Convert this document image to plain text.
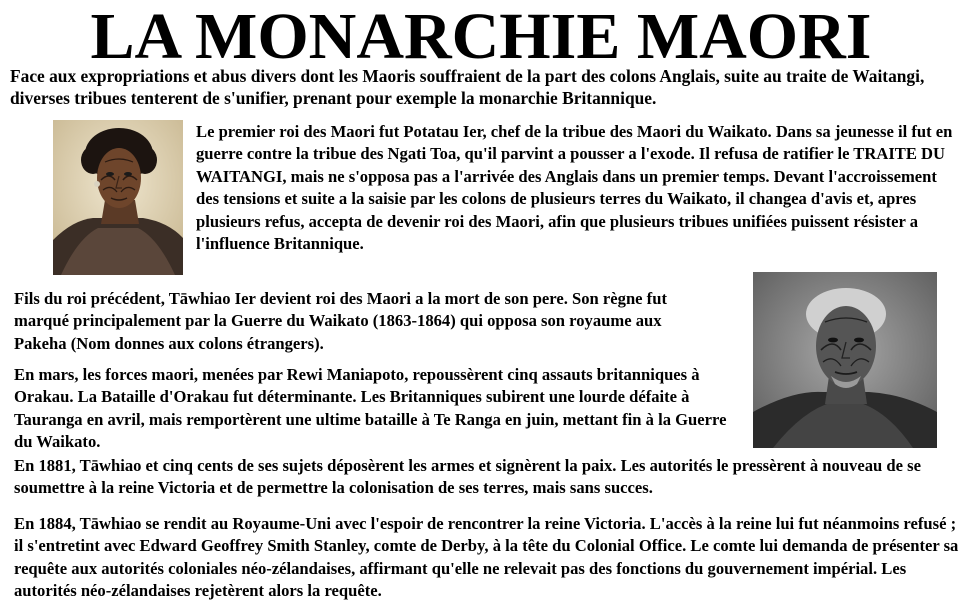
LA MONARCHIE MAORI

Face aux expropriations et abus divers dont les Maoris souffraient de la part des colons Anglais, suite au traite de Waitangi, diverses tribues tenterent de s'unifier, prenant pour exemple la monarchie Britannique.

Le premier roi des Maori fut Potatau Ier, chef de la tribue des Maori du Waikato. Dans sa jeunesse il fut en guerre contre la tribue des Ngati Toa, qu'il parvint a pousser a l'exode. Il refusa de ratifier le TRAITE DU WAITANGI, mais ne s'opposa pas a l'arrivée des Anglais dans un premier temps. Devant l'accroissement des tensions et suite a la saisie par les colons de plusieurs terres du Waikato, il changea d'avis et, apres plusieurs refus, accepta de devenir roi des Maori, afin que plusieurs tribues unifiées puissent résister a l'influence Britannique.

Fils du roi précédent, Tāwhiao Ier devient roi des Maori a la mort de son pere. Son règne fut marqué principalement par la Guerre du Waikato (1863-1864) qui opposa son royaume aux Pakeha (Nom donnes aux colons étrangers).

En mars, les forces maori, menées par Rewi Maniapoto, repoussèrent cinq assauts britanniques à Orakau. La Bataille d'Orakau fut déterminante. Les Britanniques subirent une lourde défaite à Tauranga en avril, mais remportèrent une ultime bataille à Te Ranga en juin, mettant fin à la Guerre du Waikato.

En 1881, Tāwhiao et cinq cents de ses sujets déposèrent les armes et signèrent la paix. Les autorités le pressèrent à nouveau de se soumettre à la reine Victoria et de permettre la colonisation de ses terres, mais sans succes.

En 1884, Tāwhiao se rendit au Royaume-Uni avec l'espoir de rencontrer la reine Victoria. L'accès à la reine lui fut néanmoins refusé ; il s'entretint avec Edward Geoffrey Smith Stanley, comte de Derby, à la tête du Colonial Office. Le comte lui demanda de présenter sa requête aux autorités coloniales néo-zélandaises, affirmant qu'elle ne relevait pas des fonctions du gouvernement impérial. Les autorités néo-zélandaises rejetèrent alors la requête.
